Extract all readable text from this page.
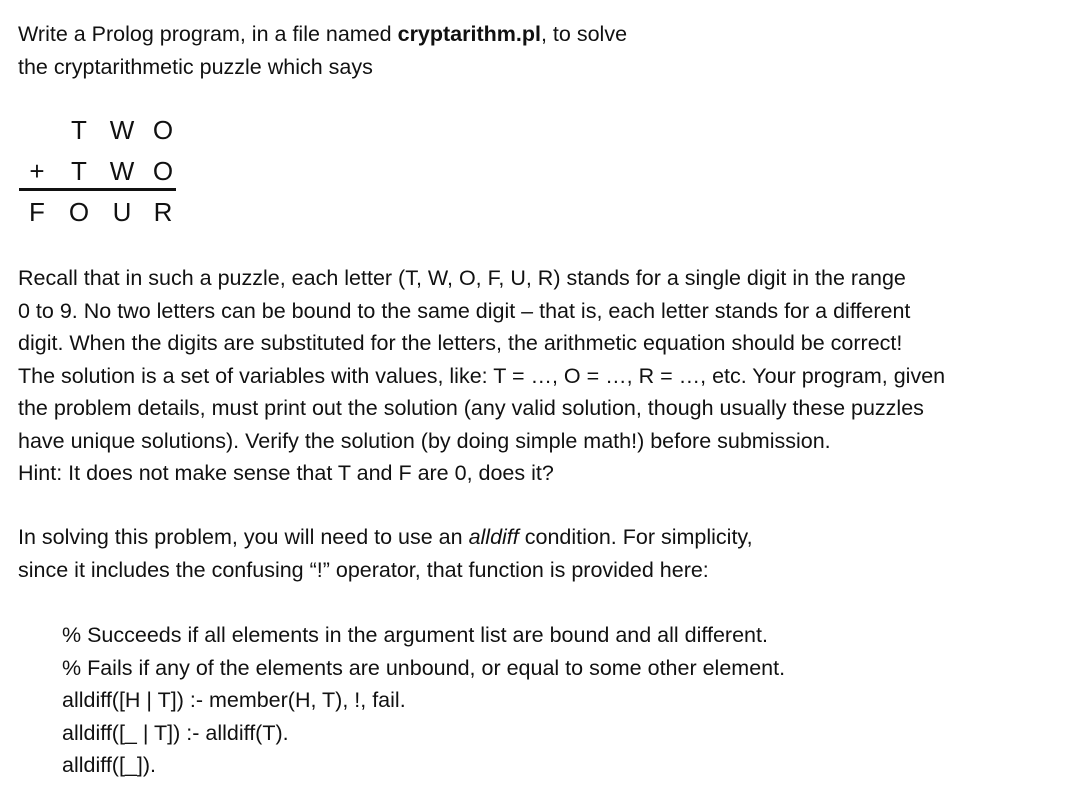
Write a Prolog program, in a file named cryptarithm.pl, to solve
the cryptarithmetic puzzle which says
T W O
+ T W O
F O U R
Recall that in such a puzzle, each letter (T, W, O, F, U, R) stands for a single digit in the range
0 to 9. No two letters can be bound to the same digit – that is, each letter stands for a different
digit. When the digits are substituted for the letters, the arithmetic equation should be correct!
The solution is a set of variables with values, like: T = …, O = …, R = …, etc. Your program, given
the problem details, must print out the solution (any valid solution, though usually these puzzles
have unique solutions). Verify the solution (by doing simple math!) before submission.
Hint: It does not make sense that T and F are 0, does it?
In solving this problem, you will need to use an alldiff condition. For simplicity,
since it includes the confusing “!” operator, that function is provided here:
% Succeeds if all elements in the argument list are bound and all different.
% Fails if any of the elements are unbound, or equal to some other element.
alldiff([H | T]) :- member(H, T), !, fail.
alldiff([_ | T]) :- alldiff(T).
alldiff([_]).
